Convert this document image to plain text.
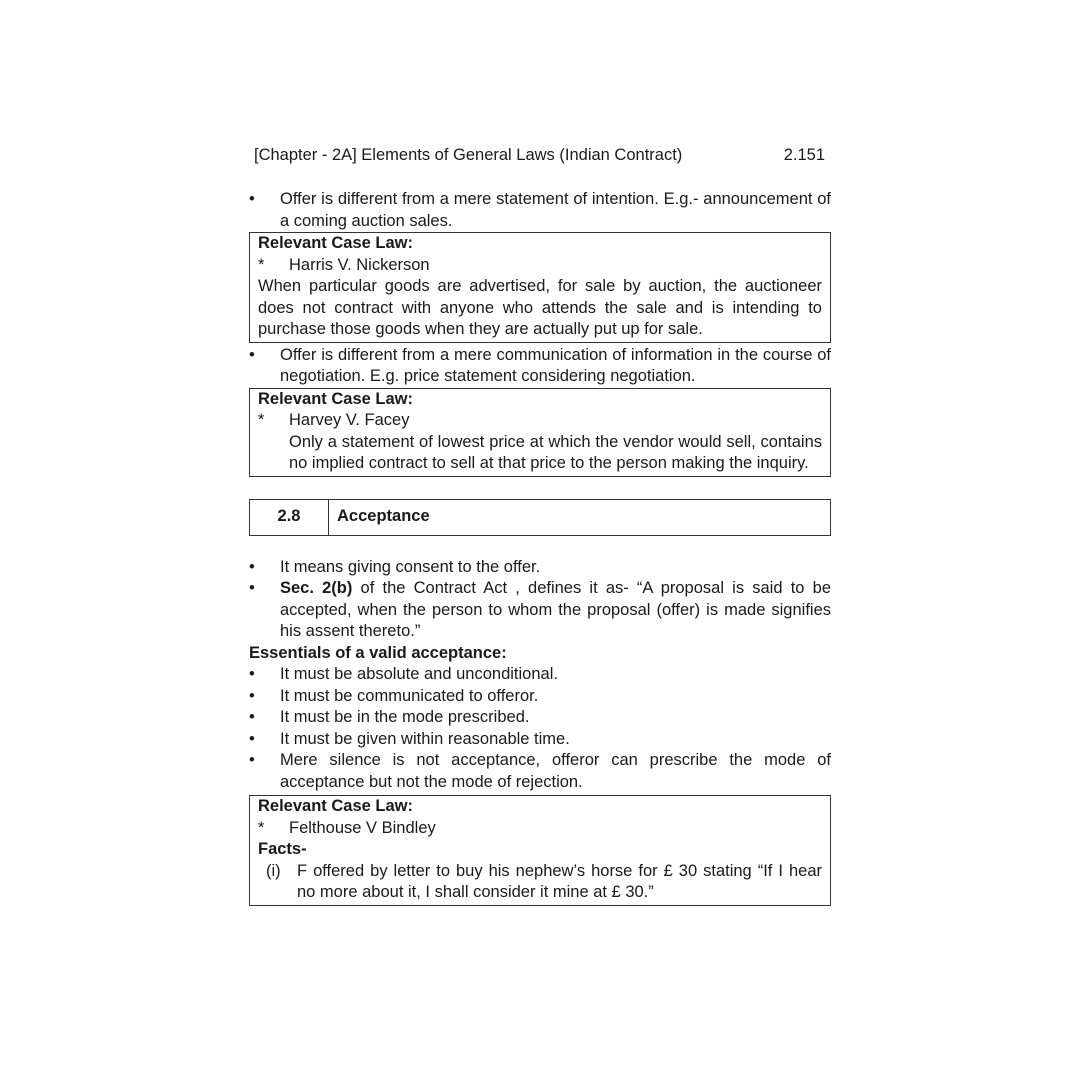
[Chapter - 2A] Elements of General Laws (Indian Contract)	2.151
•	Offer is different from a mere statement of intention. E.g.- announcement of a coming auction sales.
Relevant Case Law:
* Harris V. Nickerson
When particular goods are advertised, for sale by auction, the auctioneer does not contract with anyone who attends the sale and is intending to purchase those goods when they are actually put up for sale.
•	Offer is different from a mere communication of information in the course of negotiation. E.g. price statement considering negotiation.
Relevant Case Law:
* Harvey V. Facey
Only a statement of lowest price at which the vendor would sell, contains no implied contract to sell at that price to the person making the inquiry.
2.8	Acceptance
•	It means giving consent to the offer.
•	Sec. 2(b) of the Contract Act , defines it as- “A proposal is said to be accepted, when the person to whom the proposal (offer) is made signifies his assent thereto.”
Essentials of a valid acceptance:
•	It must be absolute and unconditional.
•	It must be communicated to offeror.
•	It must be in the mode prescribed.
•	It must be given within reasonable time.
•	Mere silence is not acceptance, offeror can prescribe the mode of acceptance but not the mode of rejection.
Relevant Case Law:
* Felthouse V Bindley
Facts-
(i) F offered by letter to buy his nephew’s horse for £ 30 stating “If I hear no more about it, I shall consider it mine at £ 30.”
